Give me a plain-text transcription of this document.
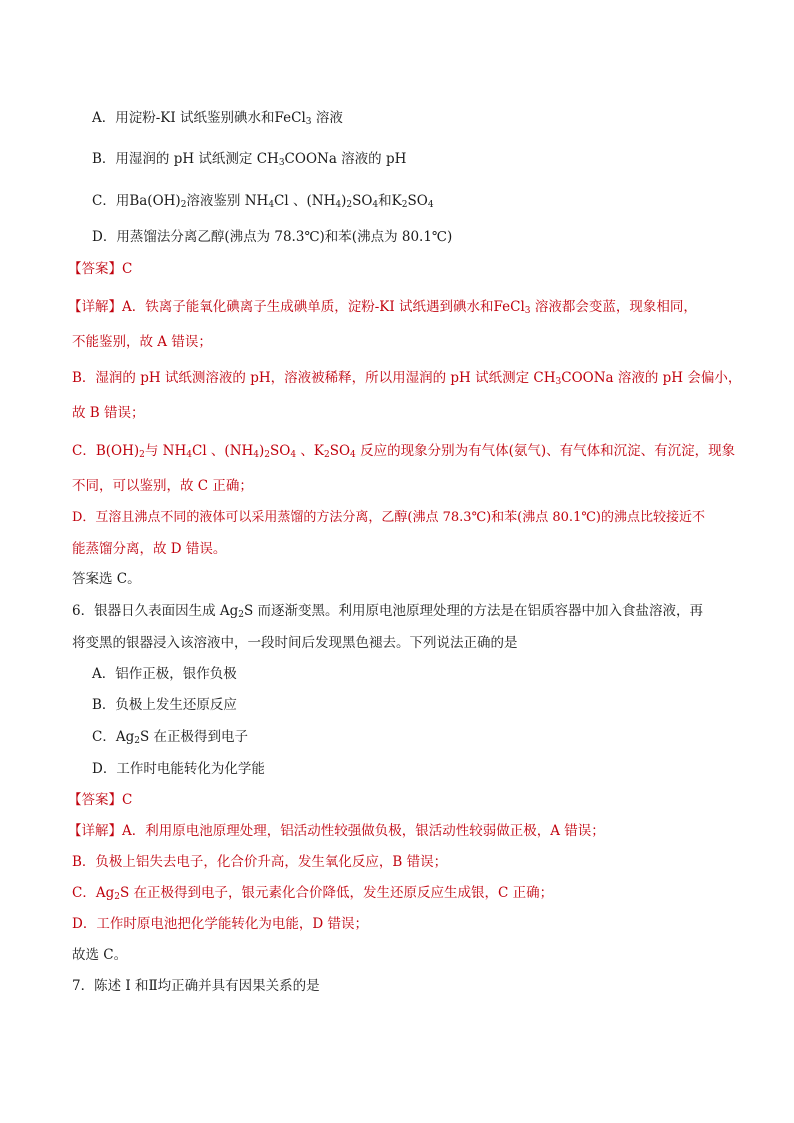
A．用淀粉-KI 试纸鉴别碘水和FeCl$_3$ 溶液
B．用湿润的 pH 试纸测定 $CH_3COONa$ 溶液的 pH
C．用$Ba(OH)_2$溶液鉴别 $NH_4Cl$ 、$(NH_4)_2SO_4$和$K_2SO_4$
D．用蒸馏法分离乙醇(沸点为 78.3℃)和苯(沸点为 80.1℃)
【答案】C
【详解】A．铁离子能氧化碘离子生成碘单质，淀粉-KI 试纸遇到碘水和FeCl$_3$ 溶液都会变蓝，现象相同，
不能鉴别，故 A 错误；
B．湿润的 pH 试纸测溶液的 pH，溶液被稀释，所以用湿润的 pH 试纸测定 $CH_3COONa$ 溶液的 pH 会偏小，
故 B 错误；
C．$B(OH)_2$与 $NH_4Cl$ 、$(NH_4)_2SO_4$ 、$K_2SO_4$ 反应的现象分别为有气体(氨气)、有气体和沉淀、有沉淀，现象
不同，可以鉴别，故 C 正确；
D．互溶且沸点不同的液体可以采用蒸馏的方法分离，乙醇(沸点 78.3℃)和苯(沸点 80.1℃)的沸点比较接近不
能蒸馏分离，故 D 错误。
答案选 C。
6．银器日久表面因生成 $Ag_2S$ 而逐渐变黑。利用原电池原理处理的方法是在铝质容器中加入食盐溶液，再
将变黑的银器浸入该溶液中，一段时间后发现黑色褪去。下列说法正确的是
A．铝作正极，银作负极
B．负极上发生还原反应
C．$Ag_2S$ 在正极得到电子
D．工作时电能转化为化学能
【答案】C
【详解】A．利用原电池原理处理，铝活动性较强做负极，银活动性较弱做正极，A 错误；
B．负极上铝失去电子，化合价升高，发生氧化反应，B 错误；
C．$Ag_2S$ 在正极得到电子，银元素化合价降低，发生还原反应生成银，C 正确；
D．工作时原电池把化学能转化为电能，D 错误；
故选 C。
7．陈述 I 和Ⅱ均正确并具有因果关系的是
